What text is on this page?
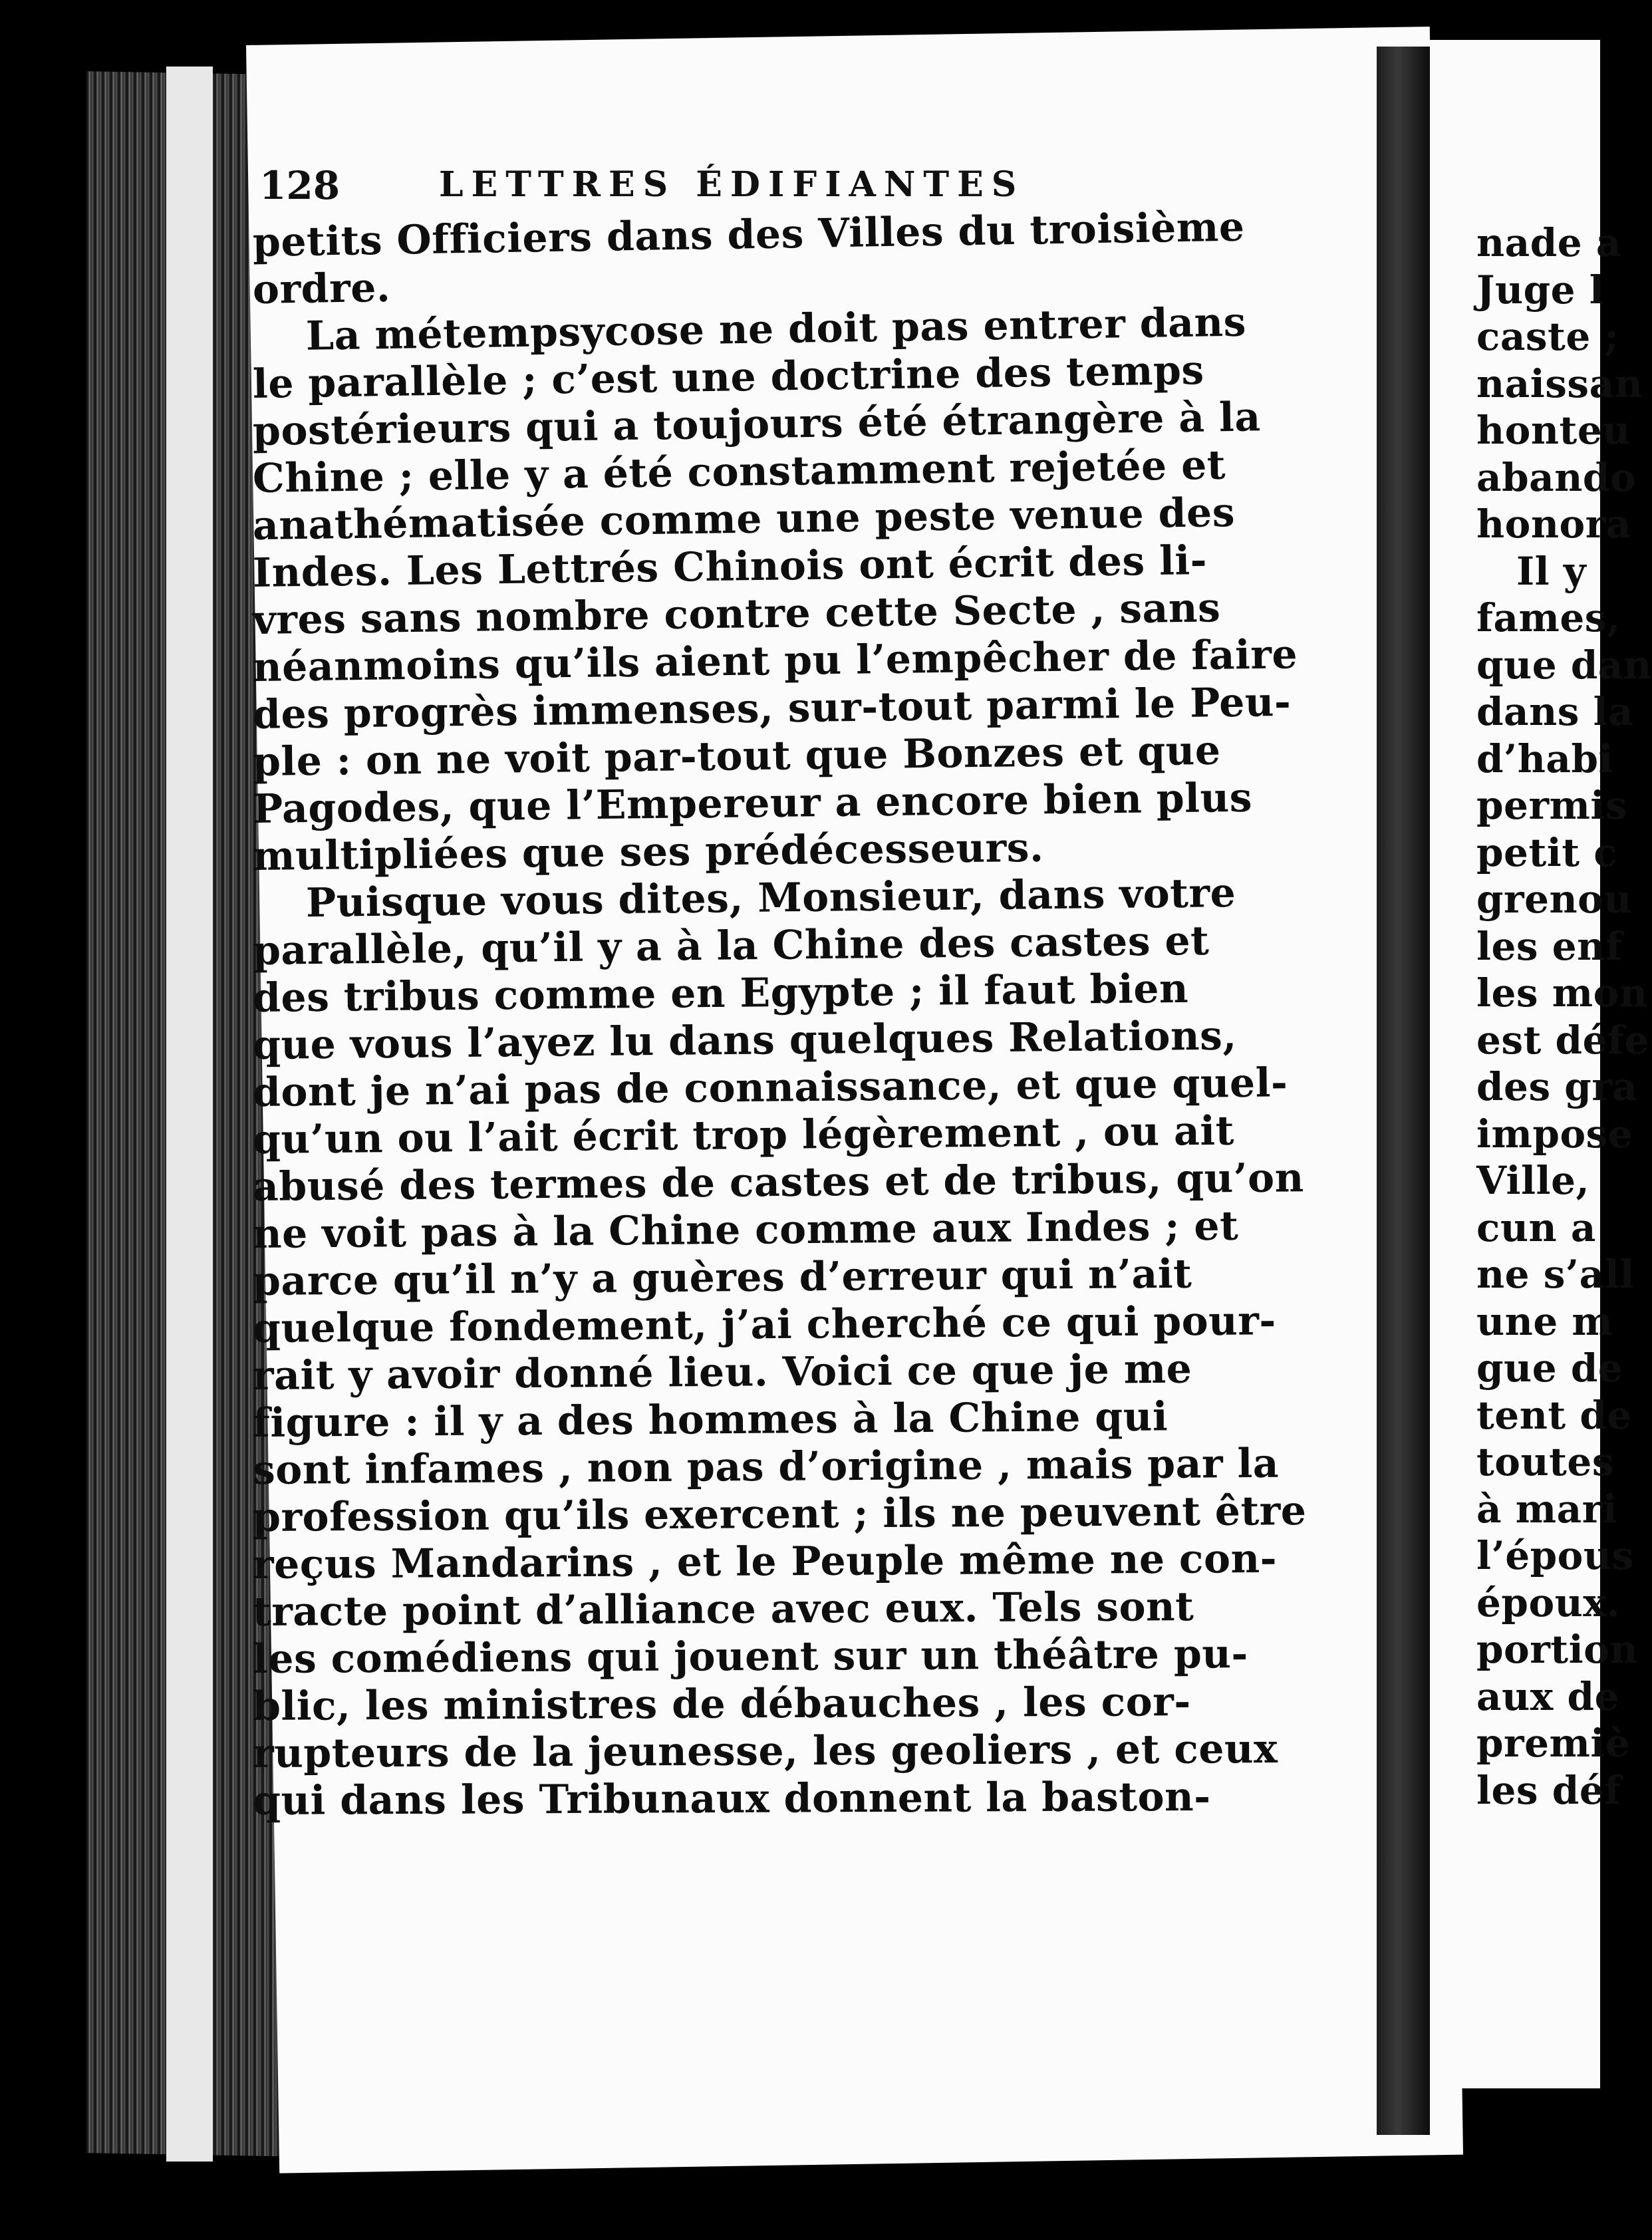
128	LETTRES ÉDIFIANTES
petits Officiers dans des Villes du troisième
ordre.
La métempsycose ne doit pas entrer dans
le parallèle ; c’est une doctrine des temps
postérieurs qui a toujours été étrangère à la
Chine ; elle y a été constamment rejetée et
anathématisée comme une peste venue des
Indes. Les Lettrés Chinois ont écrit des li-
vres sans nombre contre cette Secte , sans
néanmoins qu’ils aient pu l’empêcher de faire
des progrès immenses, sur-tout parmi le Peu-
ple : on ne voit par-tout que Bonzes et que
Pagodes, que l’Empereur a encore bien plus
multipliées que ses prédécesseurs.
Puisque vous dites, Monsieur, dans votre
parallèle, qu’il y a à la Chine des castes et
des tribus comme en Egypte ; il faut bien
que vous l’ayez lu dans quelques Relations,
dont je n’ai pas de connaissance, et que quel-
qu’un ou l’ait écrit trop légèrement , ou ait
abusé des termes de castes et de tribus, qu’on
ne voit pas à la Chine comme aux Indes ; et
parce qu’il n’y a guères d’erreur qui n’ait
quelque fondement, j’ai cherché ce qui pour-
rait y avoir donné lieu. Voici ce que je me
figure : il y a des hommes à la Chine qui
sont infames , non pas d’origine , mais par la
profession qu’ils exercent ; ils ne peuvent être
reçus Mandarins , et le Peuple même ne con-
tracte point d’alliance avec eux. Tels sont
les comédiens qui jouent sur un théâtre pu-
blic, les ministres de débauches , les cor-
rupteurs de la jeunesse, les geoliers , et ceux
qui dans les Tribunaux donnent la baston-
nade a
Juge l
caste ;
naissan
honteu
abando
honora
Il y
fames,
que dan
dans la
d’habi
permis
petit c
grenou
les enf
les mon
est défe
des gra
impose
Ville,
cun a
ne s’all
une m
gue de
tent de
toutes
à mari
l’épous
époux.
portion
aux de
premiè
les déf
